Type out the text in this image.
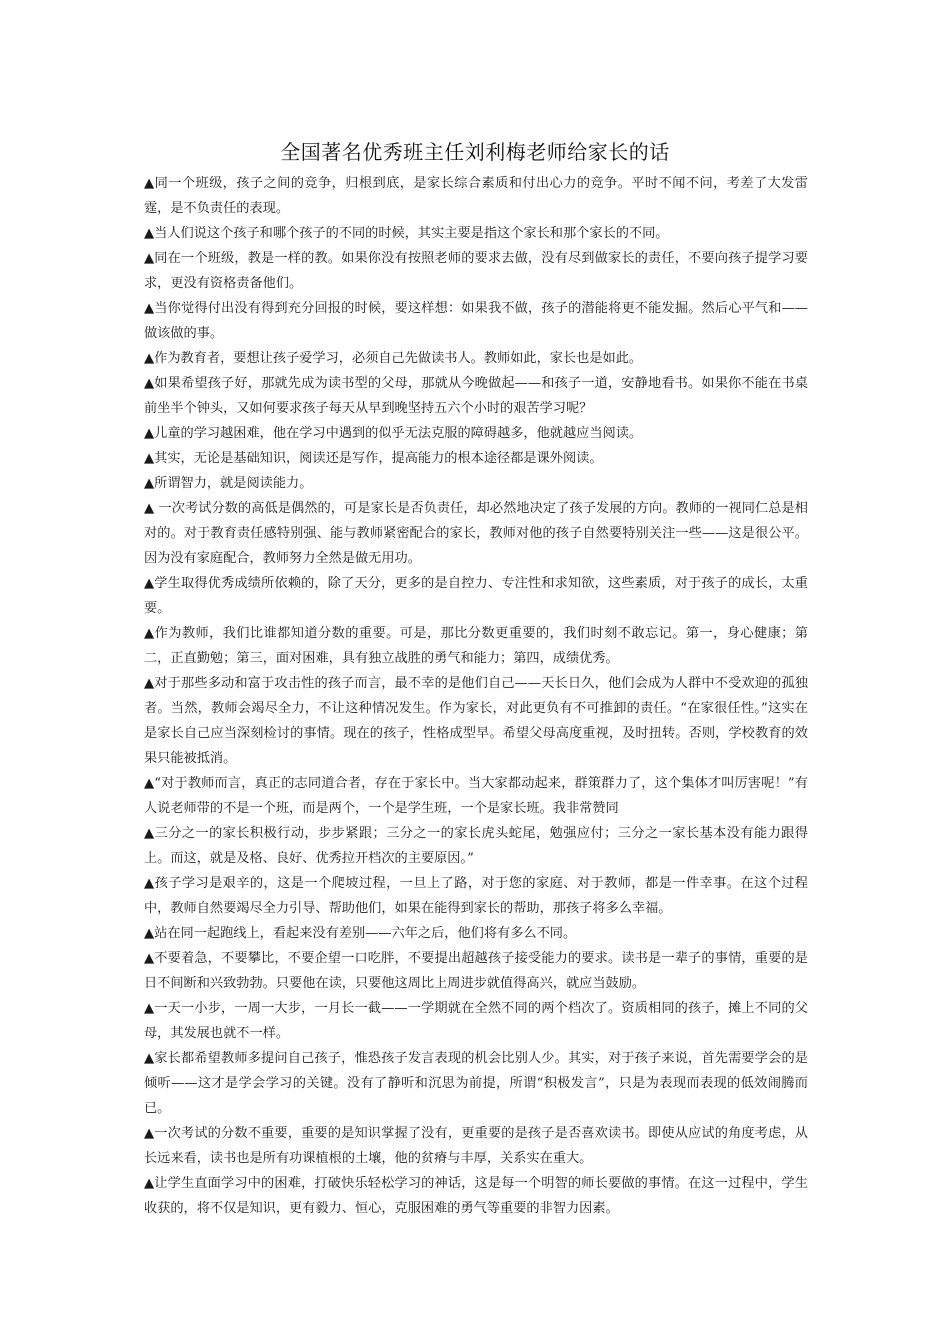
全国著名优秀班主任刘利梅老师给家长的话

▲同一个班级，孩子之间的竞争，归根到底，是家长综合素质和付出心力的竞争。平时不闻不问，考差了大发雷霆，是不负责任的表现。

▲当人们说这个孩子和哪个孩子的不同的时候，其实主要是指这个家长和那个家长的不同。

▲同在一个班级，教是一样的教。如果你没有按照老师的要求去做，没有尽到做家长的责任，不要向孩子提学习要求，更没有资格责备他们。

▲当你觉得付出没有得到充分回报的时候，要这样想：如果我不做，孩子的潜能将更不能发掘。然后心平气和——做该做的事。

▲作为教育者，要想让孩子爱学习，必须自己先做读书人。教师如此，家长也是如此。

▲如果希望孩子好，那就先成为读书型的父母，那就从今晚做起——和孩子一道，安静地看书。如果你不能在书桌前坐半个钟头，又如何要求孩子每天从早到晚坚持五六个小时的艰苦学习呢？

▲儿童的学习越困难，他在学习中遇到的似乎无法克服的障碍越多，他就越应当阅读。

▲其实，无论是基础知识，阅读还是写作，提高能力的根本途径都是课外阅读。

▲所谓智力，就是阅读能力。

▲ 一次考试分数的高低是偶然的，可是家长是否负责任，却必然地决定了孩子发展的方向。教师的一视同仁总是相对的。对于教育责任感特别强、能与教师紧密配合的家长，教师对他的孩子自然要特别关注一些——这是很公平。因为没有家庭配合，教师努力全然是做无用功。

▲学生取得优秀成绩所依赖的，除了天分，更多的是自控力、专注性和求知欲，这些素质，对于孩子的成长，太重要。

▲作为教师，我们比谁都知道分数的重要。可是，那比分数更重要的，我们时刻不敢忘记。第一，身心健康；第二，正直勤勉；第三，面对困难，具有独立战胜的勇气和能力；第四，成绩优秀。

▲对于那些多动和富于攻击性的孩子而言，最不幸的是他们自己——天长日久，他们会成为人群中不受欢迎的孤独者。当然，教师会竭尽全力，不让这种情况发生。作为家长，对此更负有不可推卸的责任。“在家很任性。”这实在是家长自己应当深刻检讨的事情。现在的孩子，性格成型早。希望父母高度重视，及时扭转。否则，学校教育的效果只能被抵消。

▲“对于教师而言，真正的志同道合者，存在于家长中。当大家都动起来，群策群力了，这个集体才叫厉害呢！”有人说老师带的不是一个班，而是两个，一个是学生班，一个是家长班。我非常赞同

▲三分之一的家长积极行动，步步紧跟；三分之一的家长虎头蛇尾，勉强应付；三分之一家长基本没有能力跟得上。而这，就是及格、良好、优秀拉开档次的主要原因。”

▲孩子学习是艰辛的，这是一个爬坡过程，一旦上了路，对于您的家庭、对于教师，都是一件幸事。在这个过程中，教师自然要竭尽全力引导、帮助他们，如果在能得到家长的帮助，那孩子将多么幸福。

▲站在同一起跑线上，看起来没有差别——六年之后，他们将有多么不同。

▲不要着急，不要攀比，不要企望一口吃胖，不要提出超越孩子接受能力的要求。读书是一辈子的事情，重要的是日不间断和兴致勃勃。只要他在读，只要他这周比上周进步就值得高兴，就应当鼓励。

▲一天一小步，一周一大步，一月长一截——一学期就在全然不同的两个档次了。资质相同的孩子，摊上不同的父母，其发展也就不一样。

▲家长都希望教师多提问自己孩子，惟恐孩子发言表现的机会比别人少。其实，对于孩子来说，首先需要学会的是倾听——这才是学会学习的关键。没有了静听和沉思为前提，所谓“积极发言”，只是为表现而表现的低效闹腾而已。

▲一次考试的分数不重要，重要的是知识掌握了没有，更重要的是孩子是否喜欢读书。即使从应试的角度考虑，从长远来看，读书也是所有功课植根的土壤，他的贫瘠与丰厚，关系实在重大。

▲让学生直面学习中的困难，打破快乐轻松学习的神话，这是每一个明智的师长要做的事情。在这一过程中，学生收获的，将不仅是知识，更有毅力、恒心，克服困难的勇气等重要的非智力因素。
